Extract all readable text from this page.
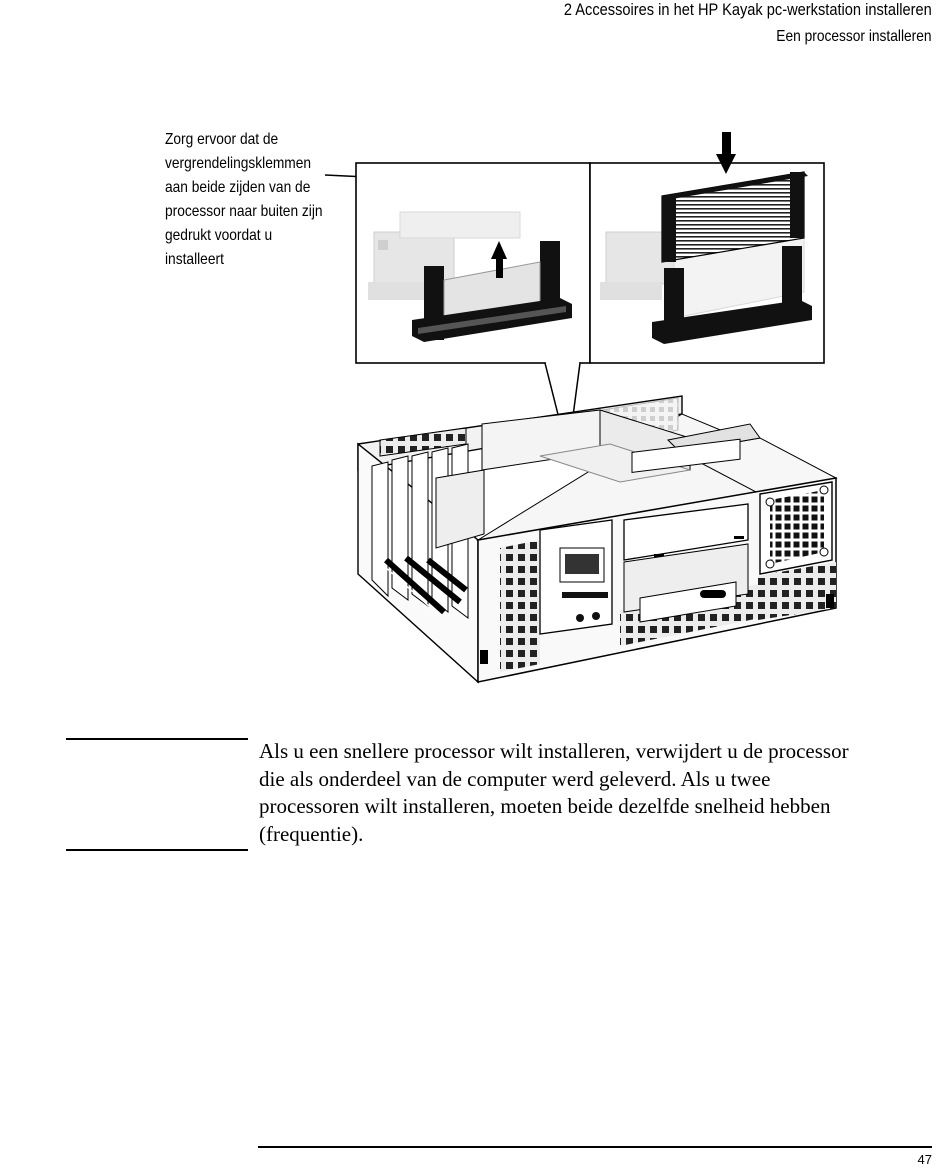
2 Accessoires in het HP Kayak pc-werkstation installeren
Een processor installeren
Zorg ervoor dat de
vergrendelingsklemmen
aan beide zijden van de
processor naar buiten zijn
gedrukt voordat u
installeert
Als u een snellere processor wilt installeren, verwijdert u de processor
die als onderdeel van de computer werd geleverd. Als u twee
processoren wilt installeren, moeten beide dezelfde snelheid hebben
(frequentie).
47
